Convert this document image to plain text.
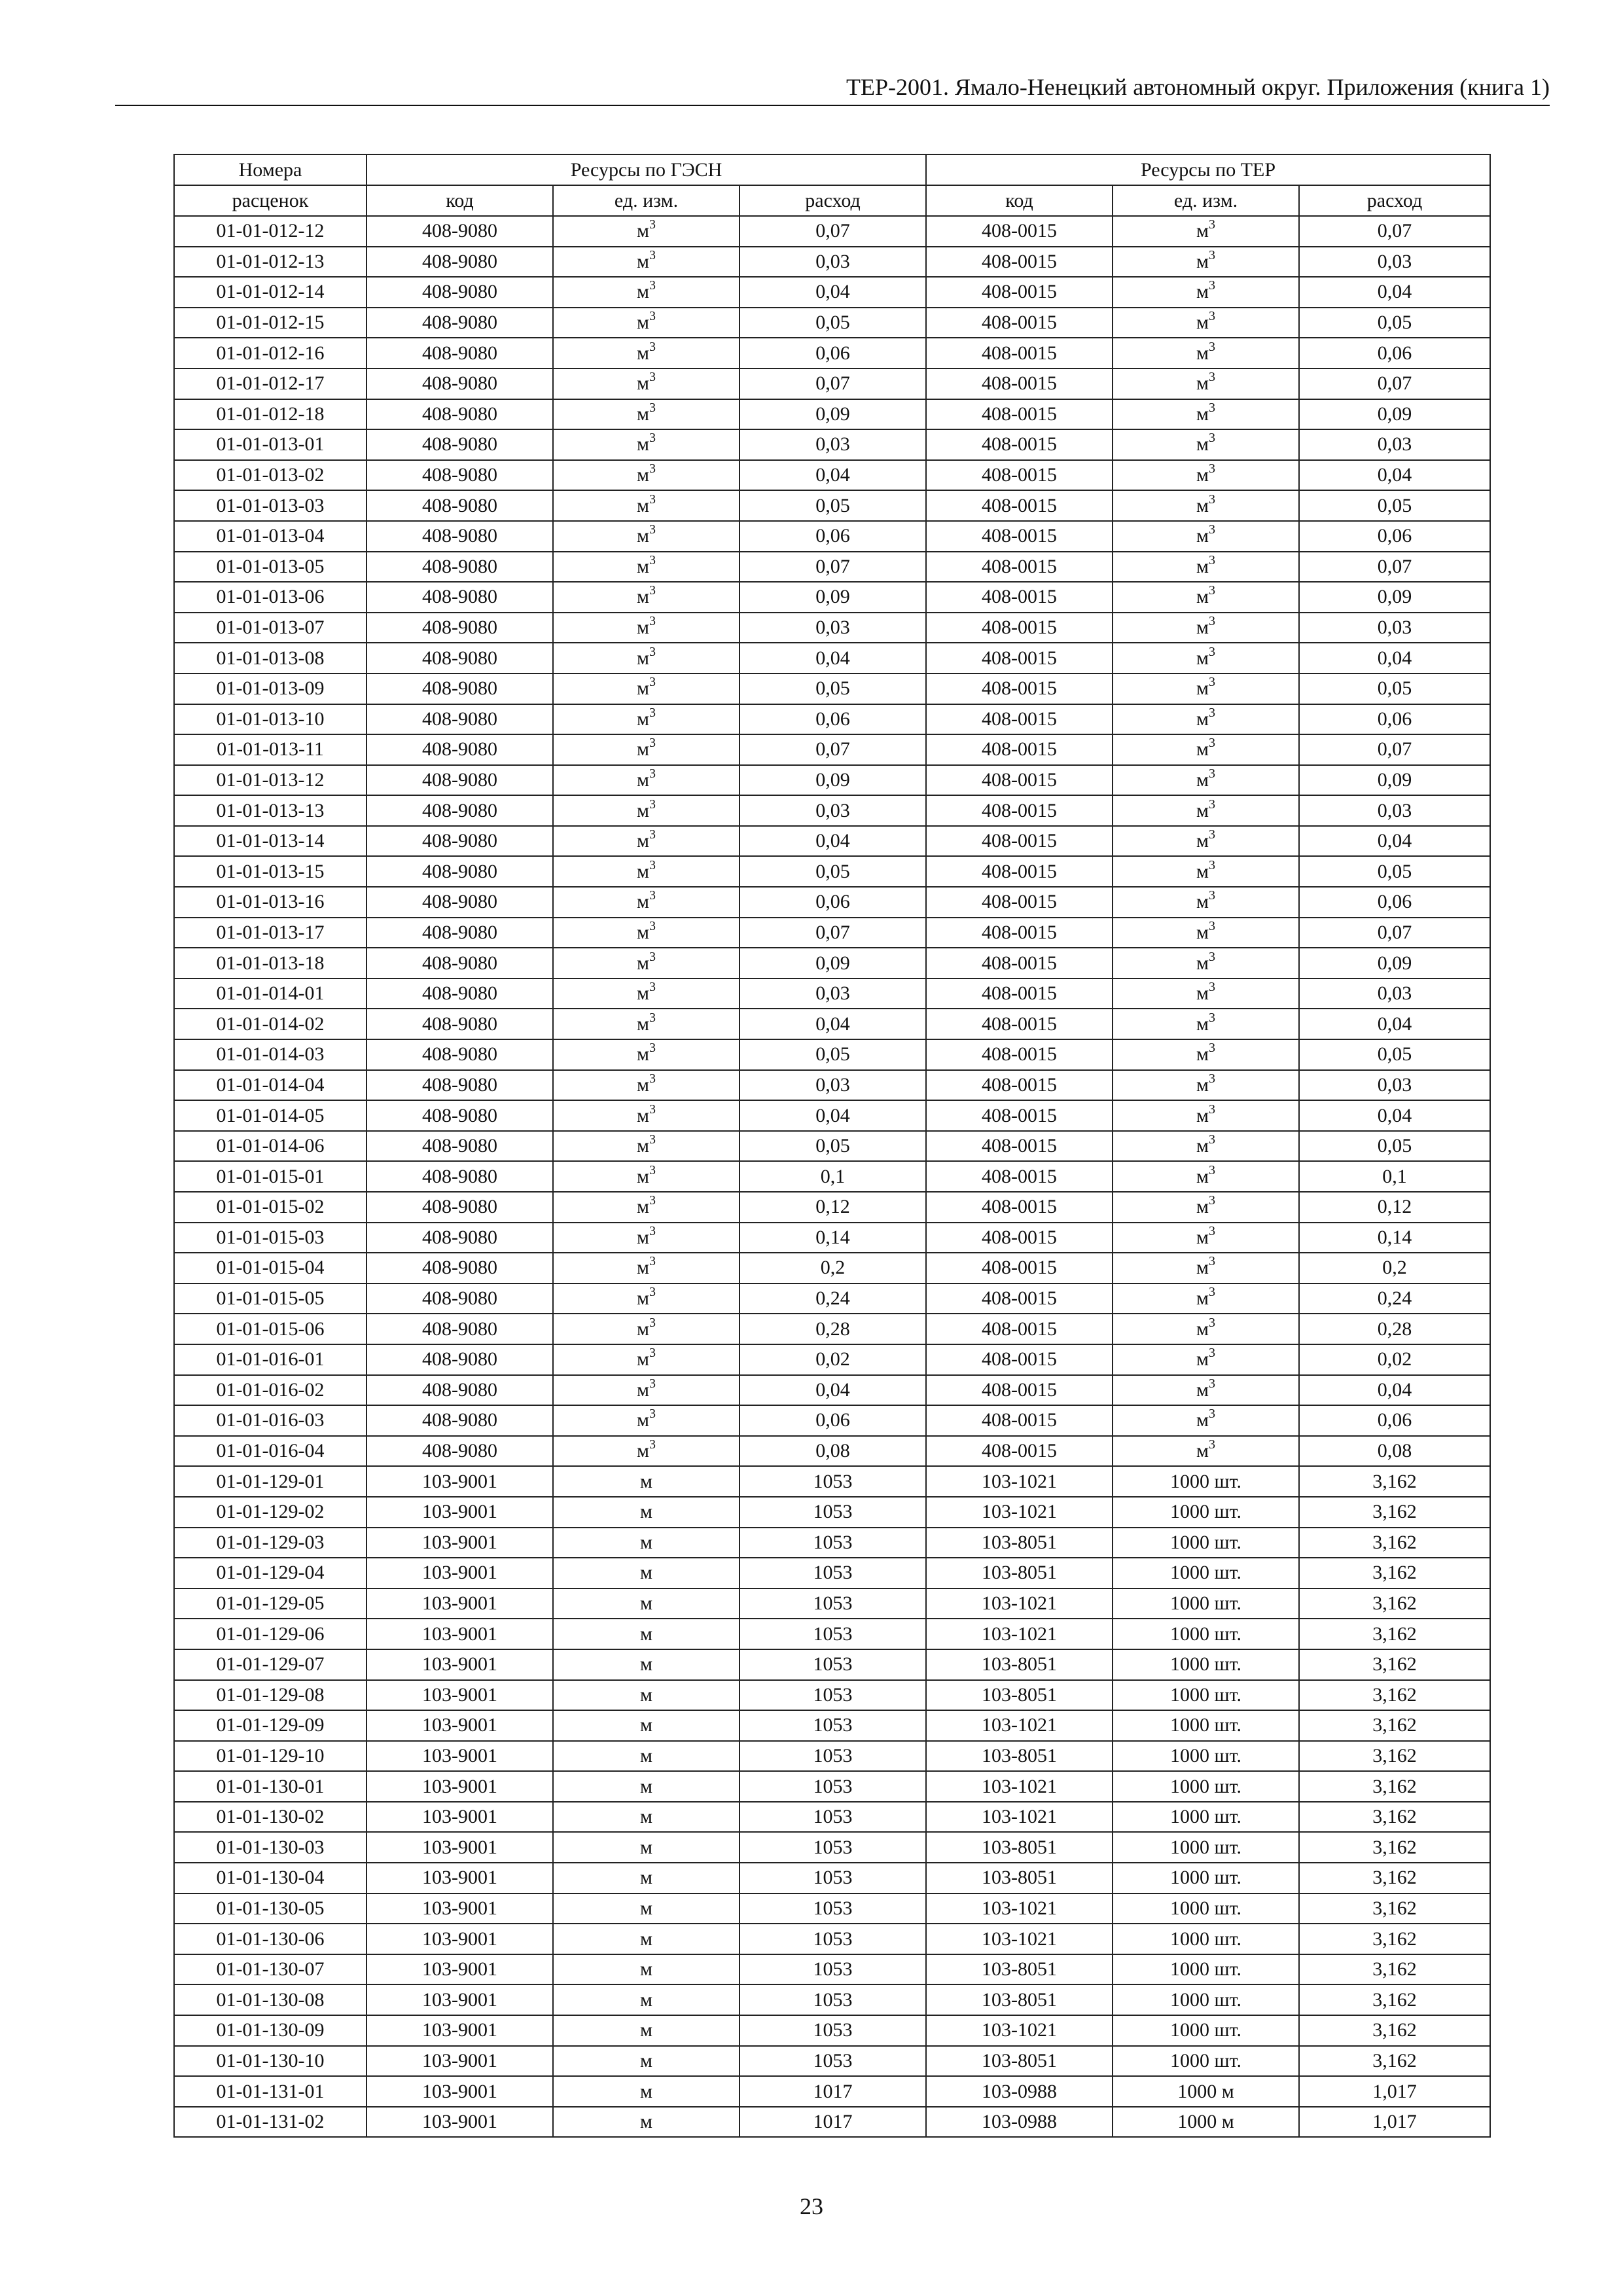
ТЕР-2001. Ямало-Ненецкий автономный округ. Приложения (книга 1)
Номера	Ресурсы по ГЭСН			Ресурсы по ТЕР		
расценок	код	ед. изм.	расход	код	ед. изм.	расход
01-01-012-12	408-9080	$м^3$	0,07	408-0015	$м^3$	0,07
01-01-012-13	408-9080	$м^3$	0,03	408-0015	$м^3$	0,03
01-01-012-14	408-9080	$м^3$	0,04	408-0015	$м^3$	0,04
01-01-012-15	408-9080	$м^3$	0,05	408-0015	$м^3$	0,05
01-01-012-16	408-9080	$м^3$	0,06	408-0015	$м^3$	0,06
01-01-012-17	408-9080	$м^3$	0,07	408-0015	$м^3$	0,07
01-01-012-18	408-9080	$м^3$	0,09	408-0015	$м^3$	0,09
01-01-013-01	408-9080	$м^3$	0,03	408-0015	$м^3$	0,03
01-01-013-02	408-9080	$м^3$	0,04	408-0015	$м^3$	0,04
01-01-013-03	408-9080	$м^3$	0,05	408-0015	$м^3$	0,05
01-01-013-04	408-9080	$м^3$	0,06	408-0015	$м^3$	0,06
01-01-013-05	408-9080	$м^3$	0,07	408-0015	$м^3$	0,07
01-01-013-06	408-9080	$м^3$	0,09	408-0015	$м^3$	0,09
01-01-013-07	408-9080	$м^3$	0,03	408-0015	$м^3$	0,03
01-01-013-08	408-9080	$м^3$	0,04	408-0015	$м^3$	0,04
01-01-013-09	408-9080	$м^3$	0,05	408-0015	$м^3$	0,05
01-01-013-10	408-9080	$м^3$	0,06	408-0015	$м^3$	0,06
01-01-013-11	408-9080	$м^3$	0,07	408-0015	$м^3$	0,07
01-01-013-12	408-9080	$м^3$	0,09	408-0015	$м^3$	0,09
01-01-013-13	408-9080	$м^3$	0,03	408-0015	$м^3$	0,03
01-01-013-14	408-9080	$м^3$	0,04	408-0015	$м^3$	0,04
01-01-013-15	408-9080	$м^3$	0,05	408-0015	$м^3$	0,05
01-01-013-16	408-9080	$м^3$	0,06	408-0015	$м^3$	0,06
01-01-013-17	408-9080	$м^3$	0,07	408-0015	$м^3$	0,07
01-01-013-18	408-9080	$м^3$	0,09	408-0015	$м^3$	0,09
01-01-014-01	408-9080	$м^3$	0,03	408-0015	$м^3$	0,03
01-01-014-02	408-9080	$м^3$	0,04	408-0015	$м^3$	0,04
01-01-014-03	408-9080	$м^3$	0,05	408-0015	$м^3$	0,05
01-01-014-04	408-9080	$м^3$	0,03	408-0015	$м^3$	0,03
01-01-014-05	408-9080	$м^3$	0,04	408-0015	$м^3$	0,04
01-01-014-06	408-9080	$м^3$	0,05	408-0015	$м^3$	0,05
01-01-015-01	408-9080	$м^3$	0,1	408-0015	$м^3$	0,1
01-01-015-02	408-9080	$м^3$	0,12	408-0015	$м^3$	0,12
01-01-015-03	408-9080	$м^3$	0,14	408-0015	$м^3$	0,14
01-01-015-04	408-9080	$м^3$	0,2	408-0015	$м^3$	0,2
01-01-015-05	408-9080	$м^3$	0,24	408-0015	$м^3$	0,24
01-01-015-06	408-9080	$м^3$	0,28	408-0015	$м^3$	0,28
01-01-016-01	408-9080	$м^3$	0,02	408-0015	$м^3$	0,02
01-01-016-02	408-9080	$м^3$	0,04	408-0015	$м^3$	0,04
01-01-016-03	408-9080	$м^3$	0,06	408-0015	$м^3$	0,06
01-01-016-04	408-9080	$м^3$	0,08	408-0015	$м^3$	0,08
01-01-129-01	103-9001	м	1053	103-1021	1000 шт.	3,162
01-01-129-02	103-9001	м	1053	103-1021	1000 шт.	3,162
01-01-129-03	103-9001	м	1053	103-8051	1000 шт.	3,162
01-01-129-04	103-9001	м	1053	103-8051	1000 шт.	3,162
01-01-129-05	103-9001	м	1053	103-1021	1000 шт.	3,162
01-01-129-06	103-9001	м	1053	103-1021	1000 шт.	3,162
01-01-129-07	103-9001	м	1053	103-8051	1000 шт.	3,162
01-01-129-08	103-9001	м	1053	103-8051	1000 шт.	3,162
01-01-129-09	103-9001	м	1053	103-1021	1000 шт.	3,162
01-01-129-10	103-9001	м	1053	103-8051	1000 шт.	3,162
01-01-130-01	103-9001	м	1053	103-1021	1000 шт.	3,162
01-01-130-02	103-9001	м	1053	103-1021	1000 шт.	3,162
01-01-130-03	103-9001	м	1053	103-8051	1000 шт.	3,162
01-01-130-04	103-9001	м	1053	103-8051	1000 шт.	3,162
01-01-130-05	103-9001	м	1053	103-1021	1000 шт.	3,162
01-01-130-06	103-9001	м	1053	103-1021	1000 шт.	3,162
01-01-130-07	103-9001	м	1053	103-8051	1000 шт.	3,162
01-01-130-08	103-9001	м	1053	103-8051	1000 шт.	3,162
01-01-130-09	103-9001	м	1053	103-1021	1000 шт.	3,162
01-01-130-10	103-9001	м	1053	103-8051	1000 шт.	3,162
01-01-131-01	103-9001	м	1017	103-0988	1000 м	1,017
01-01-131-02	103-9001	м	1017	103-0988	1000 м	1,017
23
